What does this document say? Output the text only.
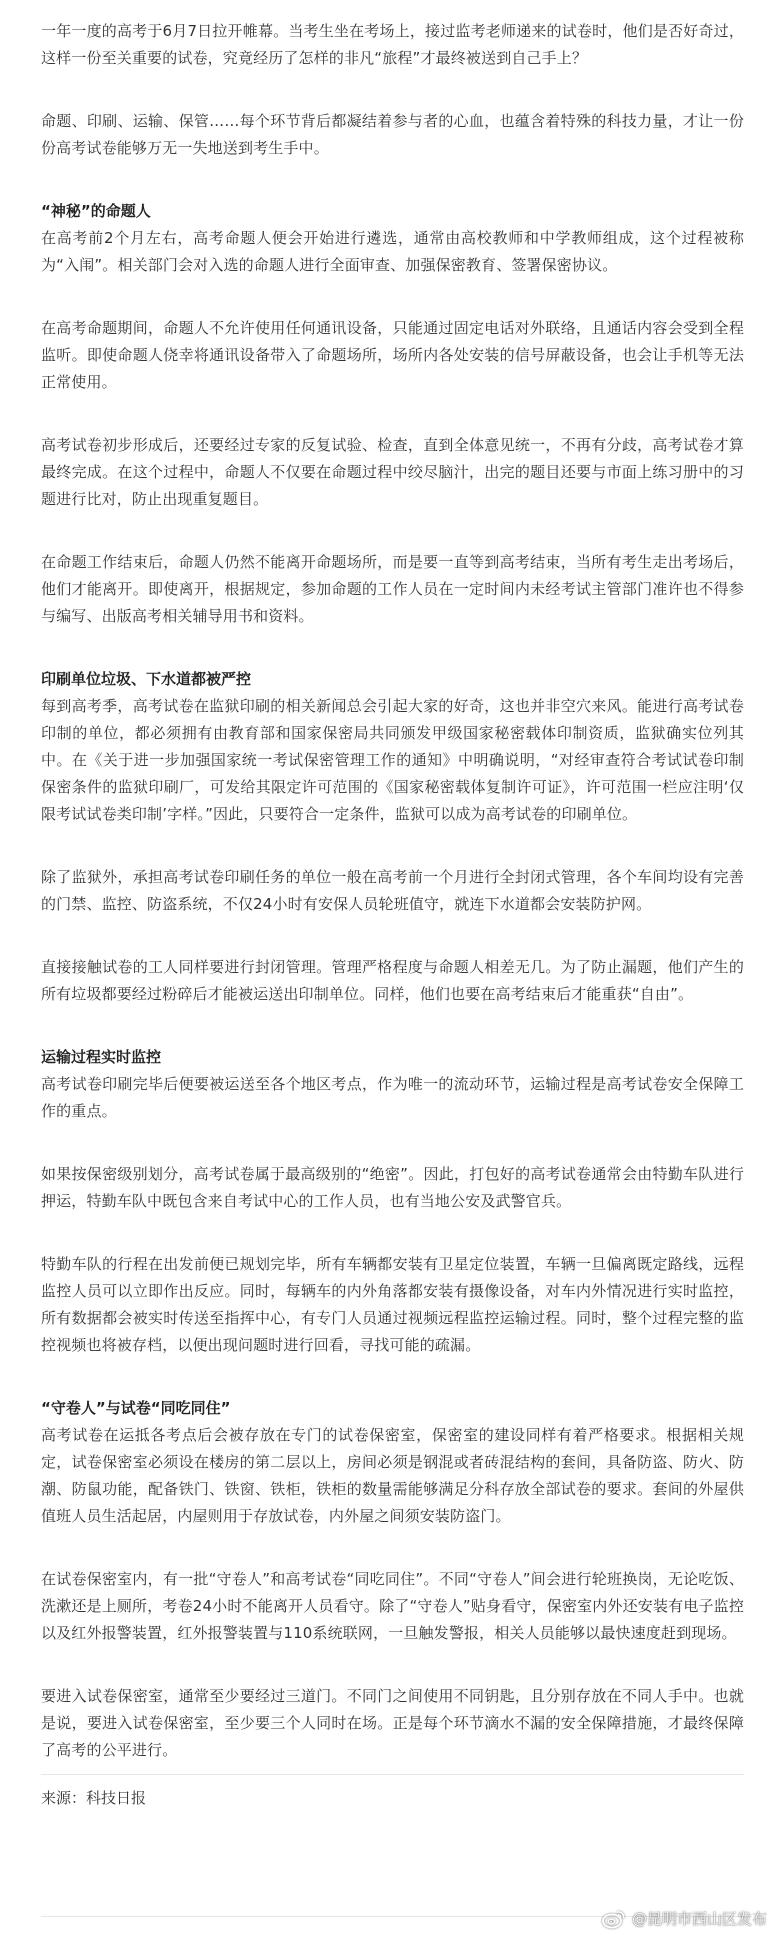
一年一度的高考于6月7日拉开帷幕。当考生坐在考场上，接过监考老师递来的试卷时，他们是否好奇过，这样一份至关重要的试卷，究竟经历了怎样的非凡“旅程”才最终被送到自己手上？

命题、印刷、运输、保管……每个环节背后都凝结着参与者的心血，也蕴含着特殊的科技力量，才让一份份高考试卷能够万无一失地送到考生手中。

“神秘”的命题人

在高考前2个月左右，高考命题人便会开始进行遴选，通常由高校教师和中学教师组成，这个过程被称为“入闱”。相关部门会对入选的命题人进行全面审查、加强保密教育、签署保密协议。

在高考命题期间，命题人不允许使用任何通讯设备，只能通过固定电话对外联络，且通话内容会受到全程监听。即使命题人侥幸将通讯设备带入了命题场所，场所内各处安装的信号屏蔽设备，也会让手机等无法正常使用。

高考试卷初步形成后，还要经过专家的反复试验、检查，直到全体意见统一，不再有分歧，高考试卷才算最终完成。在这个过程中，命题人不仅要在命题过程中绞尽脑汁，出完的题目还要与市面上练习册中的习题进行比对，防止出现重复题目。

在命题工作结束后，命题人仍然不能离开命题场所，而是要一直等到高考结束，当所有考生走出考场后，他们才能离开。即使离开，根据规定，参加命题的工作人员在一定时间内未经考试主管部门准许也不得参与编写、出版高考相关辅导用书和资料。

印刷单位垃圾、下水道都被严控

每到高考季，高考试卷在监狱印刷的相关新闻总会引起大家的好奇，这也并非空穴来风。能进行高考试卷印制的单位，都必须拥有由教育部和国家保密局共同颁发甲级国家秘密载体印制资质，监狱确实位列其中。在《关于进一步加强国家统一考试保密管理工作的通知》中明确说明，“对经审查符合考试试卷印制保密条件的监狱印刷厂，可发给其限定许可范围的《国家秘密载体复制许可证》，许可范围一栏应注明‘仅限考试试卷类印制’字样。”因此，只要符合一定条件，监狱可以成为高考试卷的印刷单位。

除了监狱外，承担高考试卷印刷任务的单位一般在高考前一个月进行全封闭式管理，各个车间均设有完善的门禁、监控、防盗系统，不仅24小时有安保人员轮班值守，就连下水道都会安装防护网。

直接接触试卷的工人同样要进行封闭管理。管理严格程度与命题人相差无几。为了防止漏题，他们产生的所有垃圾都要经过粉碎后才能被运送出印制单位。同样，他们也要在高考结束后才能重获“自由”。

运输过程实时监控

高考试卷印刷完毕后便要被运送至各个地区考点，作为唯一的流动环节，运输过程是高考试卷安全保障工作的重点。

如果按保密级别划分，高考试卷属于最高级别的“绝密”。因此，打包好的高考试卷通常会由特勤车队进行押运，特勤车队中既包含来自考试中心的工作人员，也有当地公安及武警官兵。

特勤车队的行程在出发前便已规划完毕，所有车辆都安装有卫星定位装置，车辆一旦偏离既定路线，远程监控人员可以立即作出反应。同时，每辆车的内外角落都安装有摄像设备，对车内外情况进行实时监控，所有数据都会被实时传送至指挥中心，有专门人员通过视频远程监控运输过程。同时，整个过程完整的监控视频也将被存档，以便出现问题时进行回看，寻找可能的疏漏。

“守卷人”与试卷“同吃同住”

高考试卷在运抵各考点后会被存放在专门的试卷保密室，保密室的建设同样有着严格要求。根据相关规定，试卷保密室必须设在楼房的第二层以上，房间必须是钢混或者砖混结构的套间，具备防盗、防火、防潮、防鼠功能，配备铁门、铁窗、铁柜，铁柜的数量需能够满足分科存放全部试卷的要求。套间的外屋供值班人员生活起居，内屋则用于存放试卷，内外屋之间须安装防盗门。

在试卷保密室内，有一批“守卷人”和高考试卷“同吃同住”。不同“守卷人”间会进行轮班换岗，无论吃饭、洗漱还是上厕所，考卷24小时不能离开人员看守。除了“守卷人”贴身看守，保密室内外还安装有电子监控以及红外报警装置，红外报警装置与110系统联网，一旦触发警报，相关人员能够以最快速度赶到现场。

要进入试卷保密室，通常至少要经过三道门。不同门之间使用不同钥匙，且分别存放在不同人手中。也就是说，要进入试卷保密室，至少要三个人同时在场。正是每个环节滴水不漏的安全保障措施，才最终保障了高考的公平进行。

来源：科技日报

@昆明市西山区发布
